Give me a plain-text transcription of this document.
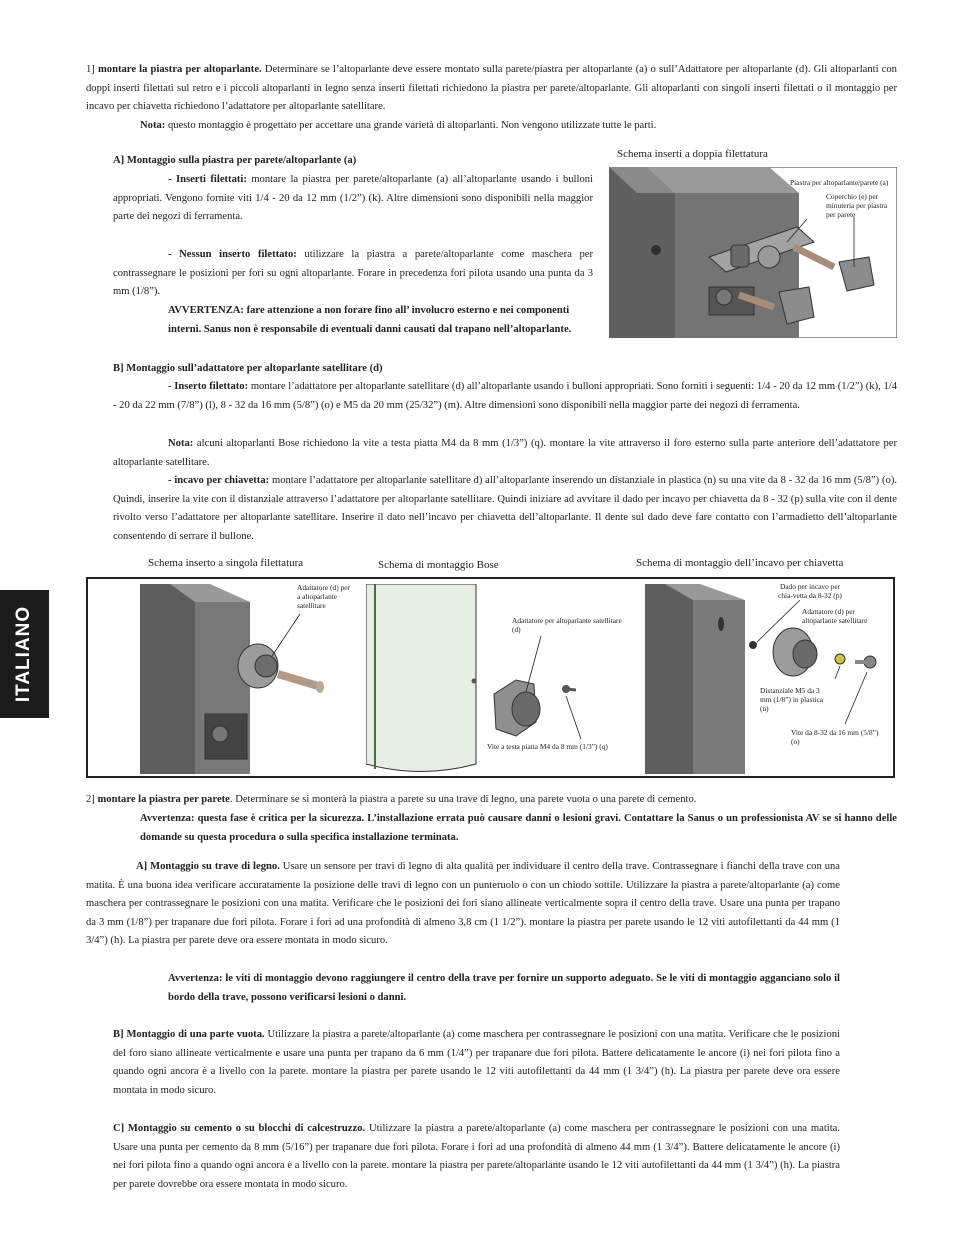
ITALIANO
1] montare la piastra per altoparlante. Determinare se l’altoparlante deve essere montato sulla parete/piastra per altoparlante (a) o sull’Adattatore per altoparlante (d). Gli altoparlanti con doppi inserti filettati sul retro e i piccoli altoparlanti in legno senza inserti filettati richiedono la piastra per parete/altoparlante. Gli altoparlanti con singoli inserti filettati o il montaggio per incavo per chiavetta richiedono l’adattatore per altoparlante satellitare.
Nota: questo montaggio è progettato per accettare una grande varietà di altoparlanti. Non vengono utilizzate tutte le parti.
A] Montaggio sulla piastra per parete/altoparlante (a)
- Inserti filettati: montare la piastra per parete/altoparlante (a) all’altoparlante usando i bulloni appropriati. Vengono fornite viti 1/4 - 20 da 12 mm (1/2”) (k). Altre dimensioni sono disponibili nella maggior parte dei negozi di ferramenta.
- Nessun inserto filettato: utilizzare la piastra a parete/altoparlante come maschera per contrassegnare le posizioni per fori su ogni altoparlante. Forare in precedenza fori pilota usando una punta da 3 mm (1/8”).
AVVERTENZA: fare attenzione a non forare fino all’ involucro esterno e nei componenti interni. Sanus non è responsabile di eventuali danni causati dal trapano nell’altoparlante.
Schema inserti a doppia filettatura
Piastra per altoparlante/parete (a)
Coperchio (e) per minuteria per piastra per parete
B] Montaggio sull’adattatore per altoparlante satellitare (d)
- Inserto filettato: montare l’adattatore per altoparlante satellitare (d) all’altoparlante usando i bulloni appropriati. Sono forniti i seguenti: 1/4 - 20 da 12 mm (1/2”) (k), 1/4 - 20 da 22 mm (7/8”) (l), 8 - 32 da 16 mm (5/8”) (o) e M5 da 20 mm (25/32”) (m). Altre dimensioni sono disponibili nella maggior parte dei negozi di ferramenta.
Nota: alcuni altoparlanti Bose richiedono la vite a testa piatta M4 da 8 mm (1/3”) (q). montare la vite attraverso il foro esterno sulla parte anteriore dell’adattatore per altoparlante satellitare.
- incavo per chiavetta: montare l’adattatore per altoparlante satellitare d) all’altoparlante inserendo un distanziale in plastica (n) su una vite da 8 - 32 da 16 mm (5/8”) (o). Quindi, inserire la vite con il distanziale attraverso l’adattatore per altoparlante satellitare. Quindi iniziare ad avvitare il dado per incavo per chiavetta da 8 - 32 (p) sulla vite con il dente rivolto verso l’adattatore per altoparlante satellitare. Inserire il dato nell’incavo per chiavetta dell’altoparlante. Il dente sul dado deve fare contatto con l’armadietto dell’altoparlante consentendo di serrare il bullone.
Schema inserto a singola filettatura	Schema di montaggio Bose	Schema di montaggio dell’incavo per chiavetta
Adattatore (d) per a altoparlante satellitare
Adattatore per altoparlante satellitare (d)
Vite a testa piatta M4 da 8 mm (1/3”) (q)
Dado per incavo per chia-vetta da 8-32 (p)
Adattatore (d) per altoparlante satellitare
Distanziale M5 da 3 mm (1/8”) in plastica (n)
Vite da 8-32 da 16 mm (5/8”) (o)
2] montare la piastra per parete. Determinare se si monterà la piastra a parete su una trave di legno, una parete vuota o una parete di cemento.
Avvertenza: questa fase è critica per la sicurezza. L’installazione errata può causare danni o lesioni gravi. Contattare la Sanus o un professionista AV se si hanno delle domande su questa procedura o sulla specifica installazione terminata.
A] Montaggio su trave di legno. Usare un sensore per travi di legno di alta qualità per individuare il centro della trave. Contrassegnare i fianchi della trave con una matita. È una buona idea verificare accuratamente la posizione delle travi di legno con un punteruolo o con un chiodo sottile. Utilizzare la piastra a parete/altoparlante (a) come maschera per contrassegnare le posizioni con una matita. Verificare che le posizioni dei fori siano allineate verticalmente sopra il centro della trave. Usare una punta per trapano da 3 mm (1/8”) per trapanare due fori pilota. Forare i fori ad una profondità di almeno 3,8 cm (1 1/2”). montare la piastra per parete usando le 12 viti autofilettanti da 44 mm (1 3/4”) (h). La piastra per parete deve ora essere montata in modo sicuro.
Avvertenza: le viti di montaggio devono raggiungere il centro della trave per fornire un supporto adeguato. Se le viti di montaggio agganciano solo il bordo della trave, possono verificarsi lesioni o danni.
B] Montaggio di una parte vuota. Utilizzare la piastra a parete/altoparlante (a) come maschera per contrassegnare le posizioni con una matita. Verificare che le posizioni del foro siano allineate verticalmente e usare una punta per trapano da 6 mm (1/4”) per trapanare due fori pilota. Battere delicatamente le ancore (i) nei fori pilota fino a quando ogni ancora è a livello con la parete. montare la piastra per parete usando le 12 viti autofilettanti da 44 mm (1 3/4”) (h). La piastra per parete deve ora essere montata in modo sicuro.
C] Montaggio su cemento o su blocchi di calcestruzzo. Utilizzare la piastra a parete/altoparlante (a) come maschera per contrassegnare le posizioni con una matita. Usare una punta per cemento da 8 mm (5/16”) per trapanare due fori pilota. Forare i fori ad una profondità di almeno 44 mm (1 3/4”). Battere delicatamente le ancore (i) nei fori pilota fino a quando ogni ancora è a livello con la parete. montare la piastra per parete/altoparlante usando le 12 viti autofilettanti da 44 mm (1 3/4”) (h). La piastra per parete dovrebbe ora essere montata in modo sicuro.
